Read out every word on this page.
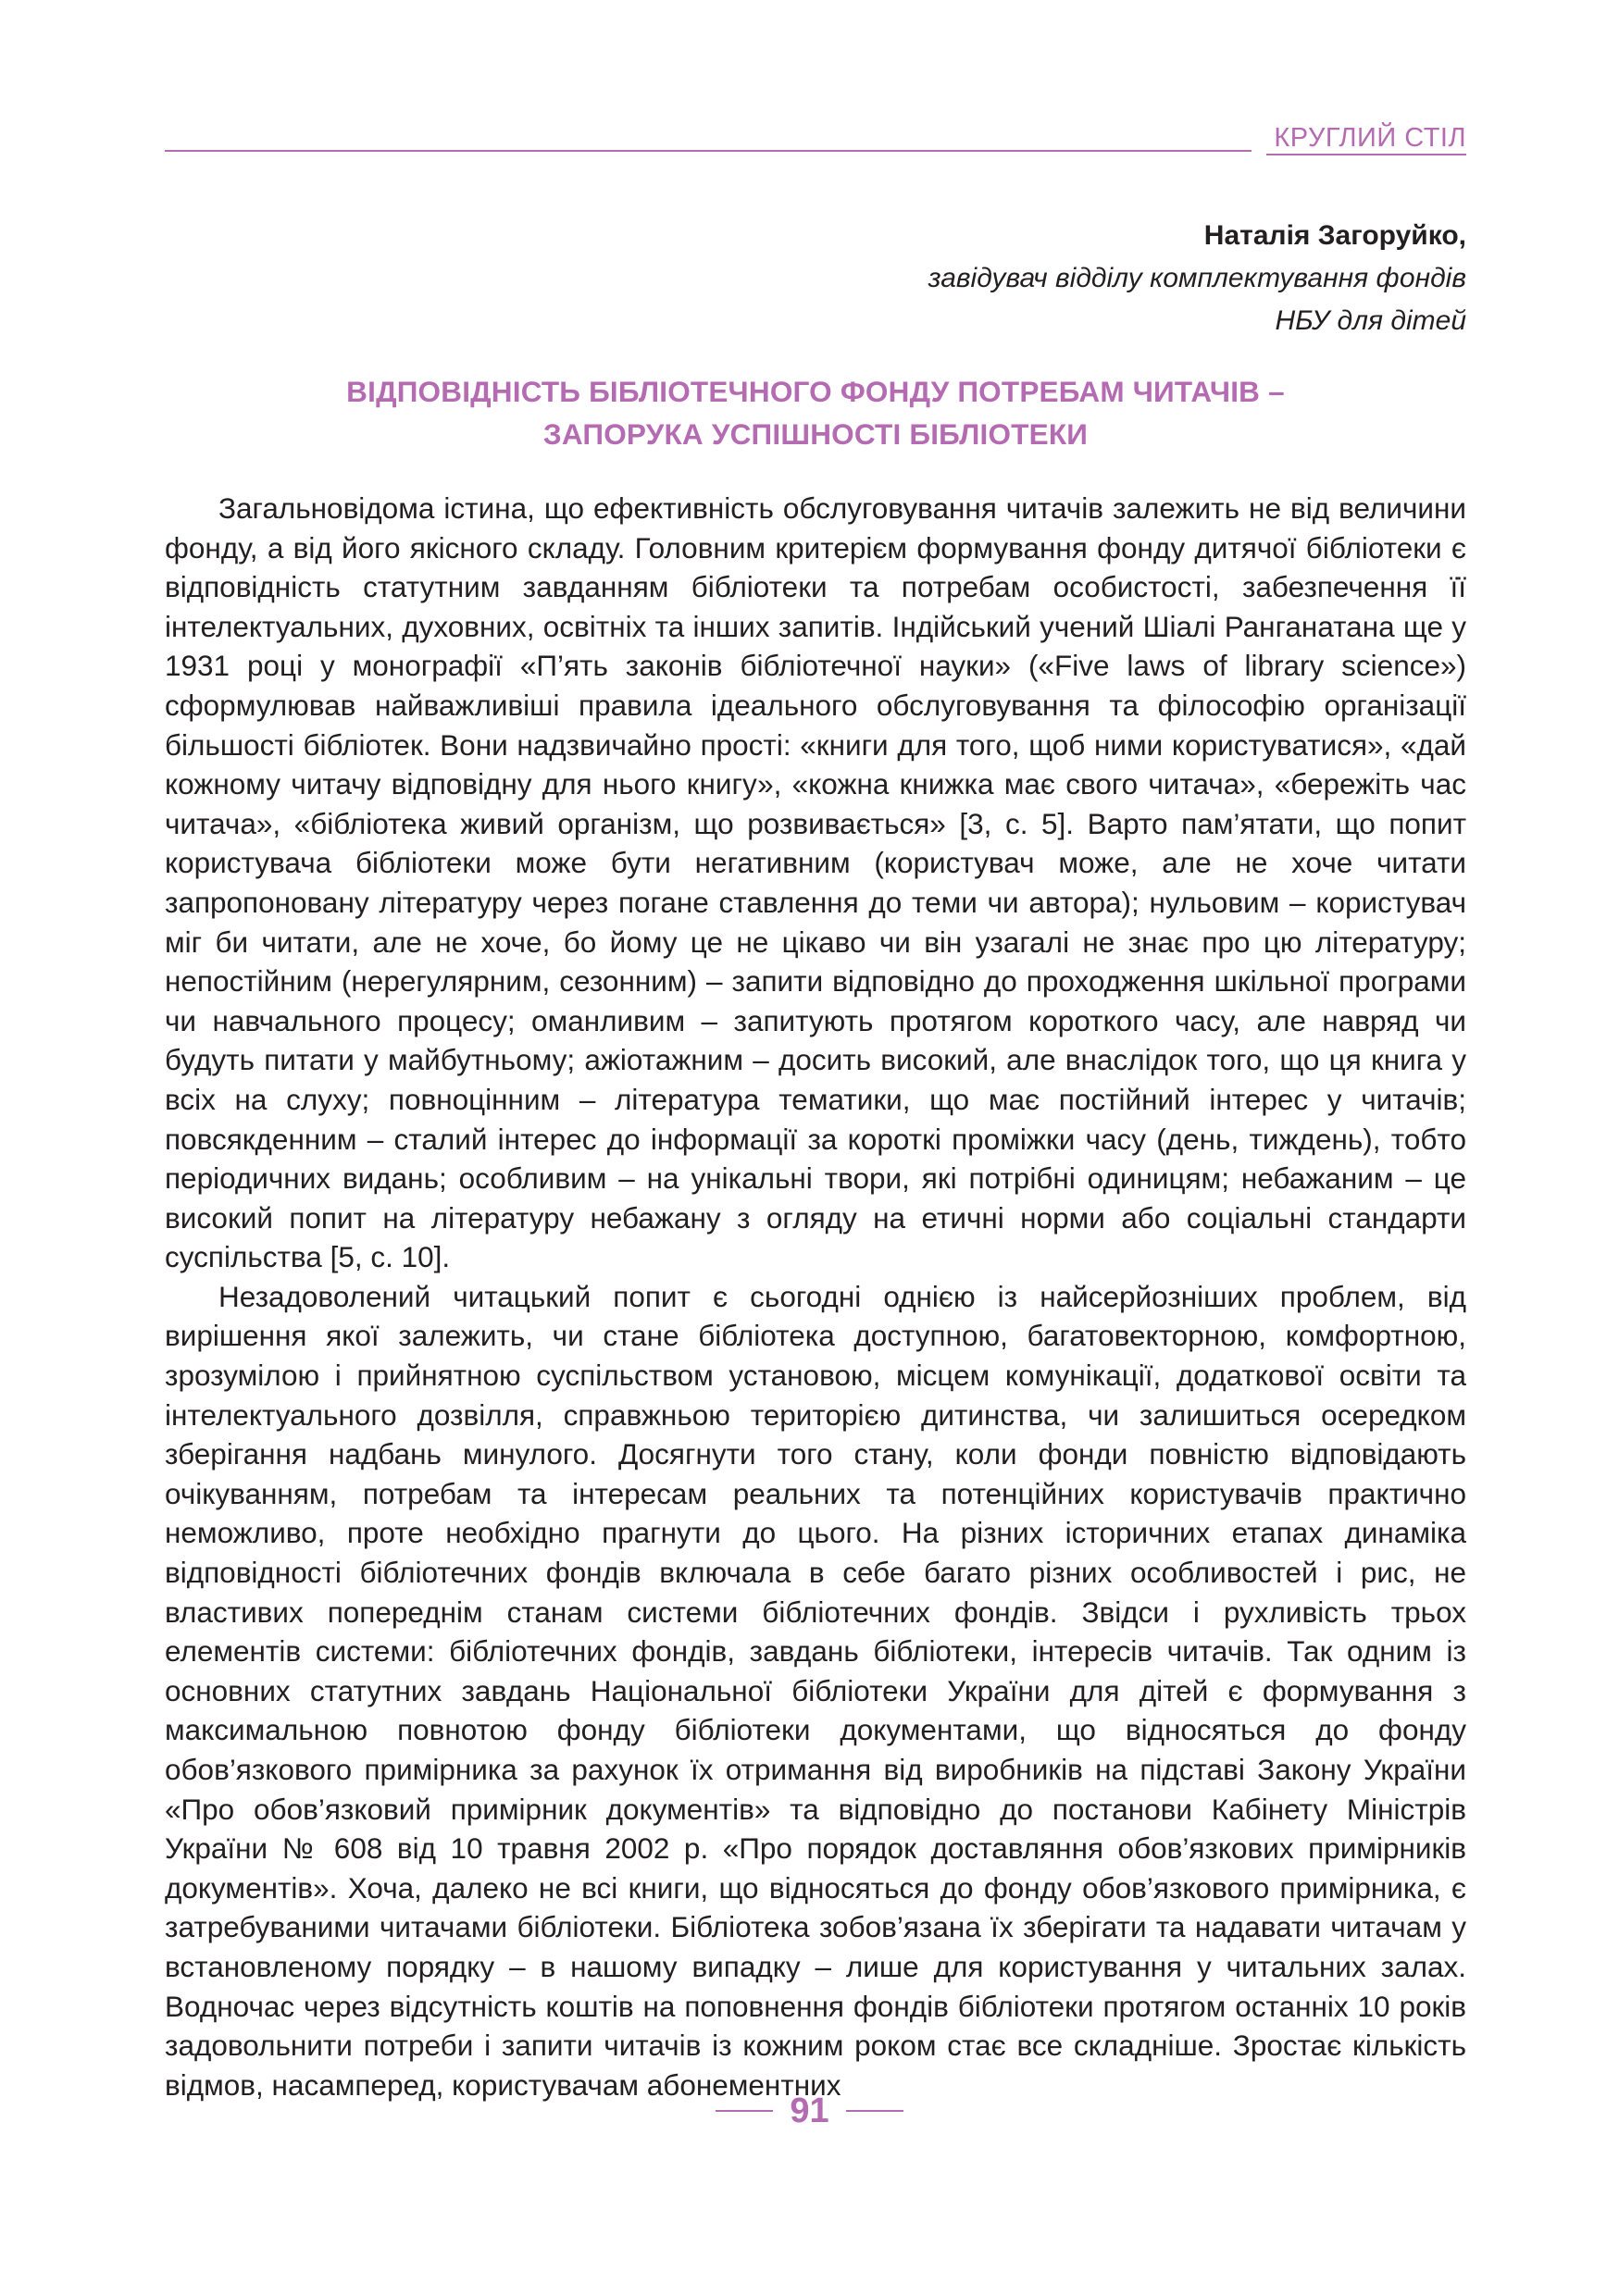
КРУГЛИЙ СТІЛ
Наталія Загоруйко,
завідувач відділу комплектування фондів
НБУ для дітей
ВІДПОВІДНІСТЬ БІБЛІОТЕЧНОГО ФОНДУ ПОТРЕБАМ ЧИТАЧІВ –
ЗАПОРУКА УСПІШНОСТІ БІБЛІОТЕКИ

Загальновідома істина, що ефективність обслуговування читачів залежить не від величини фонду, а від його якісного складу. Головним критерієм формування фонду дитячої бібліотеки є відповідність статутним завданням бібліотеки та потребам особистості, забезпечення її інтелектуальних, духовних, освітніх та інших запитів. Індійський учений Шіалі Ранганатана ще у 1931 році у монографії «П’ять законів бібліотечної науки» («Five laws of library science») сформулював найважливіші правила ідеального обслуговування та філософію організації більшості бібліотек. Вони надзвичайно прості: «книги для того, щоб ними користуватися», «дай кожному читачу відповідну для нього книгу», «кожна книжка має свого читача», «бережіть час читача», «бібліотека живий організм, що розвивається» [3, с. 5]. Варто пам’ятати, що попит користувача бібліотеки може бути негативним (користувач може, але не хоче читати запропоновану літературу через погане ставлення до теми чи автора); нульовим – користувач міг би читати, але не хоче, бо йому це не цікаво чи він узагалі не знає про цю літературу; непостійним (нерегулярним, сезонним) – запити відповідно до проходження шкільної програми чи навчального процесу; оманливим – запитують протягом короткого часу, але навряд чи будуть питати у майбутньому; ажіотажним – досить високий, але внаслідок того, що ця книга у всіх на слуху; повноцінним – література тематики, що має постійний інтерес у читачів; повсякденним – сталий інтерес до інформації за короткі проміжки часу (день, тиждень), тобто періодичних видань; особливим – на унікальні твори, які потрібні одиницям; небажаним – це високий попит на літературу небажану з огляду на етичні норми або соціальні стандарти суспільства [5, с. 10].

Незадоволений читацький попит є сьогодні однією із найсерйозніших проблем, від вирішення якої залежить, чи стане бібліотека доступною, багатовекторною, комфортною, зрозумілою і прийнятною суспільством установою, місцем комунікації, додаткової освіти та інтелектуального дозвілля, справжньою територією дитинства, чи залишиться осередком зберігання надбань минулого. Досягнути того стану, коли фонди повністю відповідають очікуванням, потребам та інтересам реальних та потенційних користувачів практично неможливо, проте необхідно прагнути до цього. На різних історичних етапах динаміка відповідності бібліотечних фондів включала в себе багато різних особливостей і рис, не властивих попереднім станам системи бібліотечних фондів. Звідси і рухливість трьох елементів системи: бібліотечних фондів, завдань бібліотеки, інтересів читачів. Так одним із основних статутних завдань Національної бібліотеки України для дітей є формування з максимальною повнотою фонду бібліотеки документами, що відносяться до фонду обов’язкового примірника за рахунок їх отримання від виробників на підставі Закону України «Про обов’язковий примірник документів» та відповідно до постанови Кабінету Міністрів України № 608 від 10 травня 2002 р. «Про порядок доставляння обов’язкових примірників документів». Хоча, далеко не всі книги, що відносяться до фонду обов’язкового примірника, є затребуваними читачами бібліотеки. Бібліотека зобов’язана їх зберігати та надавати читачам у встановленому порядку – в нашому випадку – лише для користування у читальних залах. Водночас через відсутність коштів на поповнення фондів бібліотеки протягом останніх 10 років задовольнити потреби і запити читачів із кожним роком стає все складніше. Зростає кількість відмов, насамперед, користувачам абонементних

91
